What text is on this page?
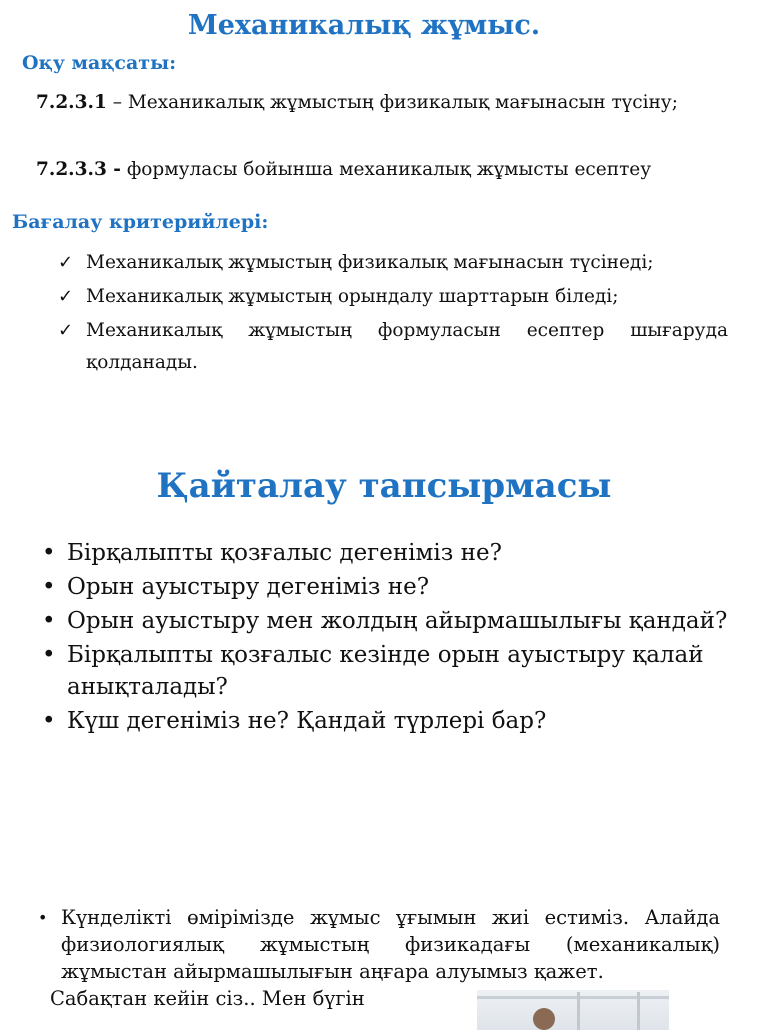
Механикалық жұмыс.
Оқу мақсаты:
7.2.3.1 – Механикалық жұмыстың физикалық мағынасын түсіну;
7.2.3.3 - формуласы бойынша механикалық жұмысты есептеу
Бағалау критерийлері:
✓ Механикалық жұмыстың физикалық мағынасын түсінеді;
✓ Механикалық жұмыстың орындалу шарттарын біледі;
✓ Механикалық жұмыстың формуласын есептер шығаруда қолданады.
Қайталау тапсырмасы
• Бірқалыпты қозғалыс дегеніміз не?
• Орын ауыстыру дегеніміз не?
• Орын ауыстыру мен жолдың айырмашылығы қандай?
• Бірқалыпты қозғалыс кезінде орын ауыстыру қалай анықталады?
• Күш дегеніміз не? Қандай түрлері бар?
• Күнделікті өміріміздe жұмыс ұғымын жиі естиміз. Алайда физиологиялық жұмыстың физикадағы (механикалық) жұмыстан айырмашылығын аңғара алуымыз қажет.
Сабақтан кейін сіз.. Мен бүгін
